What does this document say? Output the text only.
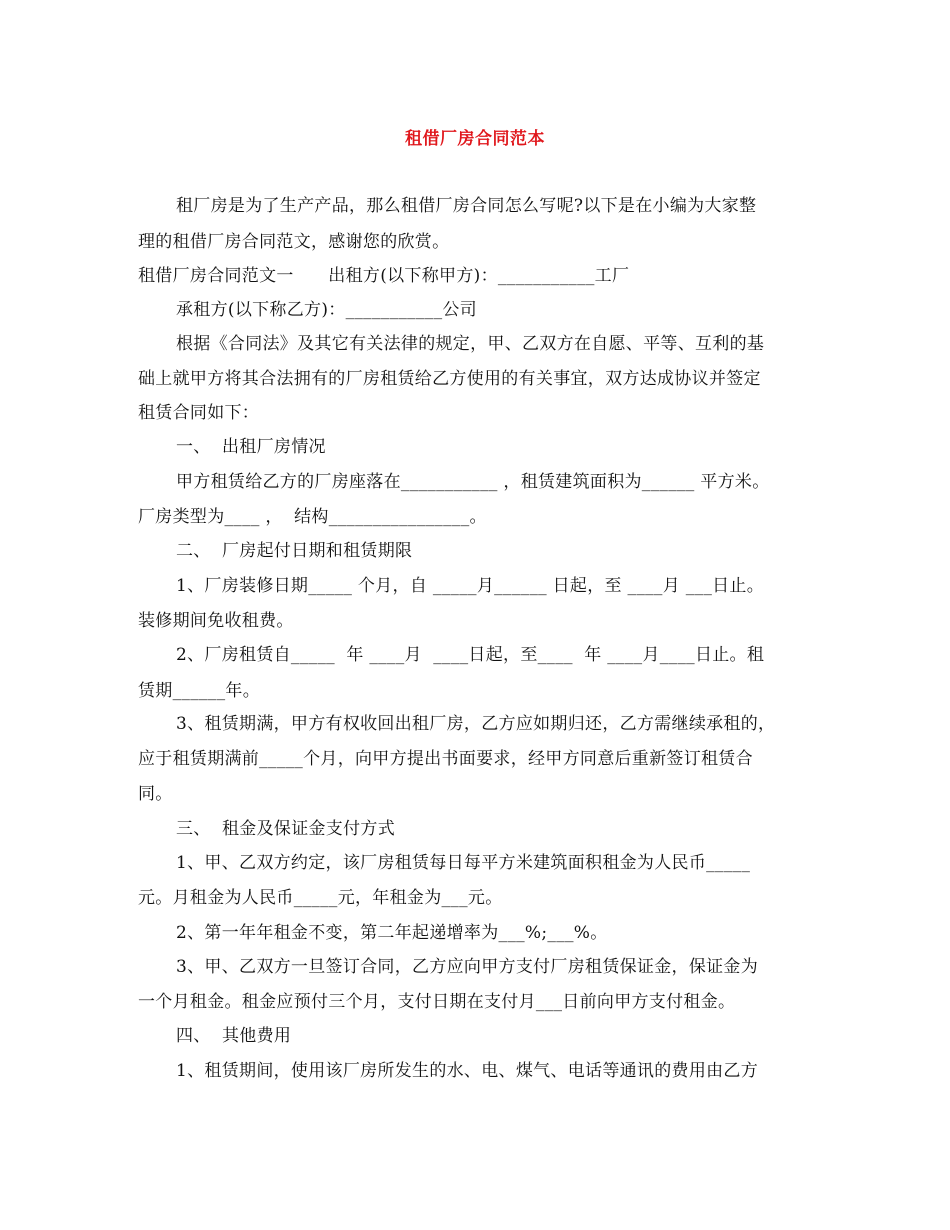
租借厂房合同范本
租厂房是为了生产产品，那么租借厂房合同怎么写呢?以下是在小编为大家整
理的租借厂房合同范文，感谢您的欣赏。
租借厂房合同范文一　　出租方(以下称甲方)：___________工厂
承租方(以下称乙方)：___________公司
根据《合同法》及其它有关法律的规定，甲、乙双方在自愿、平等、互利的基
础上就甲方将其合法拥有的厂房租赁给乙方使用的有关事宜，双方达成协议并签定
租赁合同如下：
一、  出租厂房情况
甲方租赁给乙方的厂房座落在___________ ，租赁建筑面积为______ 平方米。
厂房类型为____ ，  结构________________。
二、  厂房起付日期和租赁期限
1、厂房装修日期_____ 个月，自 _____月______ 日起，至 ____月 ___日止。
装修期间免收租费。
2、厂房租赁自_____  年 ____月  ____日起，至____  年 ____月____日止。租
赁期______年。
3、租赁期满，甲方有权收回出租厂房，乙方应如期归还，乙方需继续承租的，
应于租赁期满前_____个月，向甲方提出书面要求，经甲方同意后重新签订租赁合
同。
三、  租金及保证金支付方式
1、甲、乙双方约定，该厂房租赁每日每平方米建筑面积租金为人民币_____
元。月租金为人民币_____元，年租金为___元。
2、第一年年租金不变，第二年起递增率为___%;___%。
3、甲、乙双方一旦签订合同，乙方应向甲方支付厂房租赁保证金，保证金为
一个月租金。租金应预付三个月，支付日期在支付月___日前向甲方支付租金。
四、  其他费用
1、租赁期间，使用该厂房所发生的水、电、煤气、电话等通讯的费用由乙方
